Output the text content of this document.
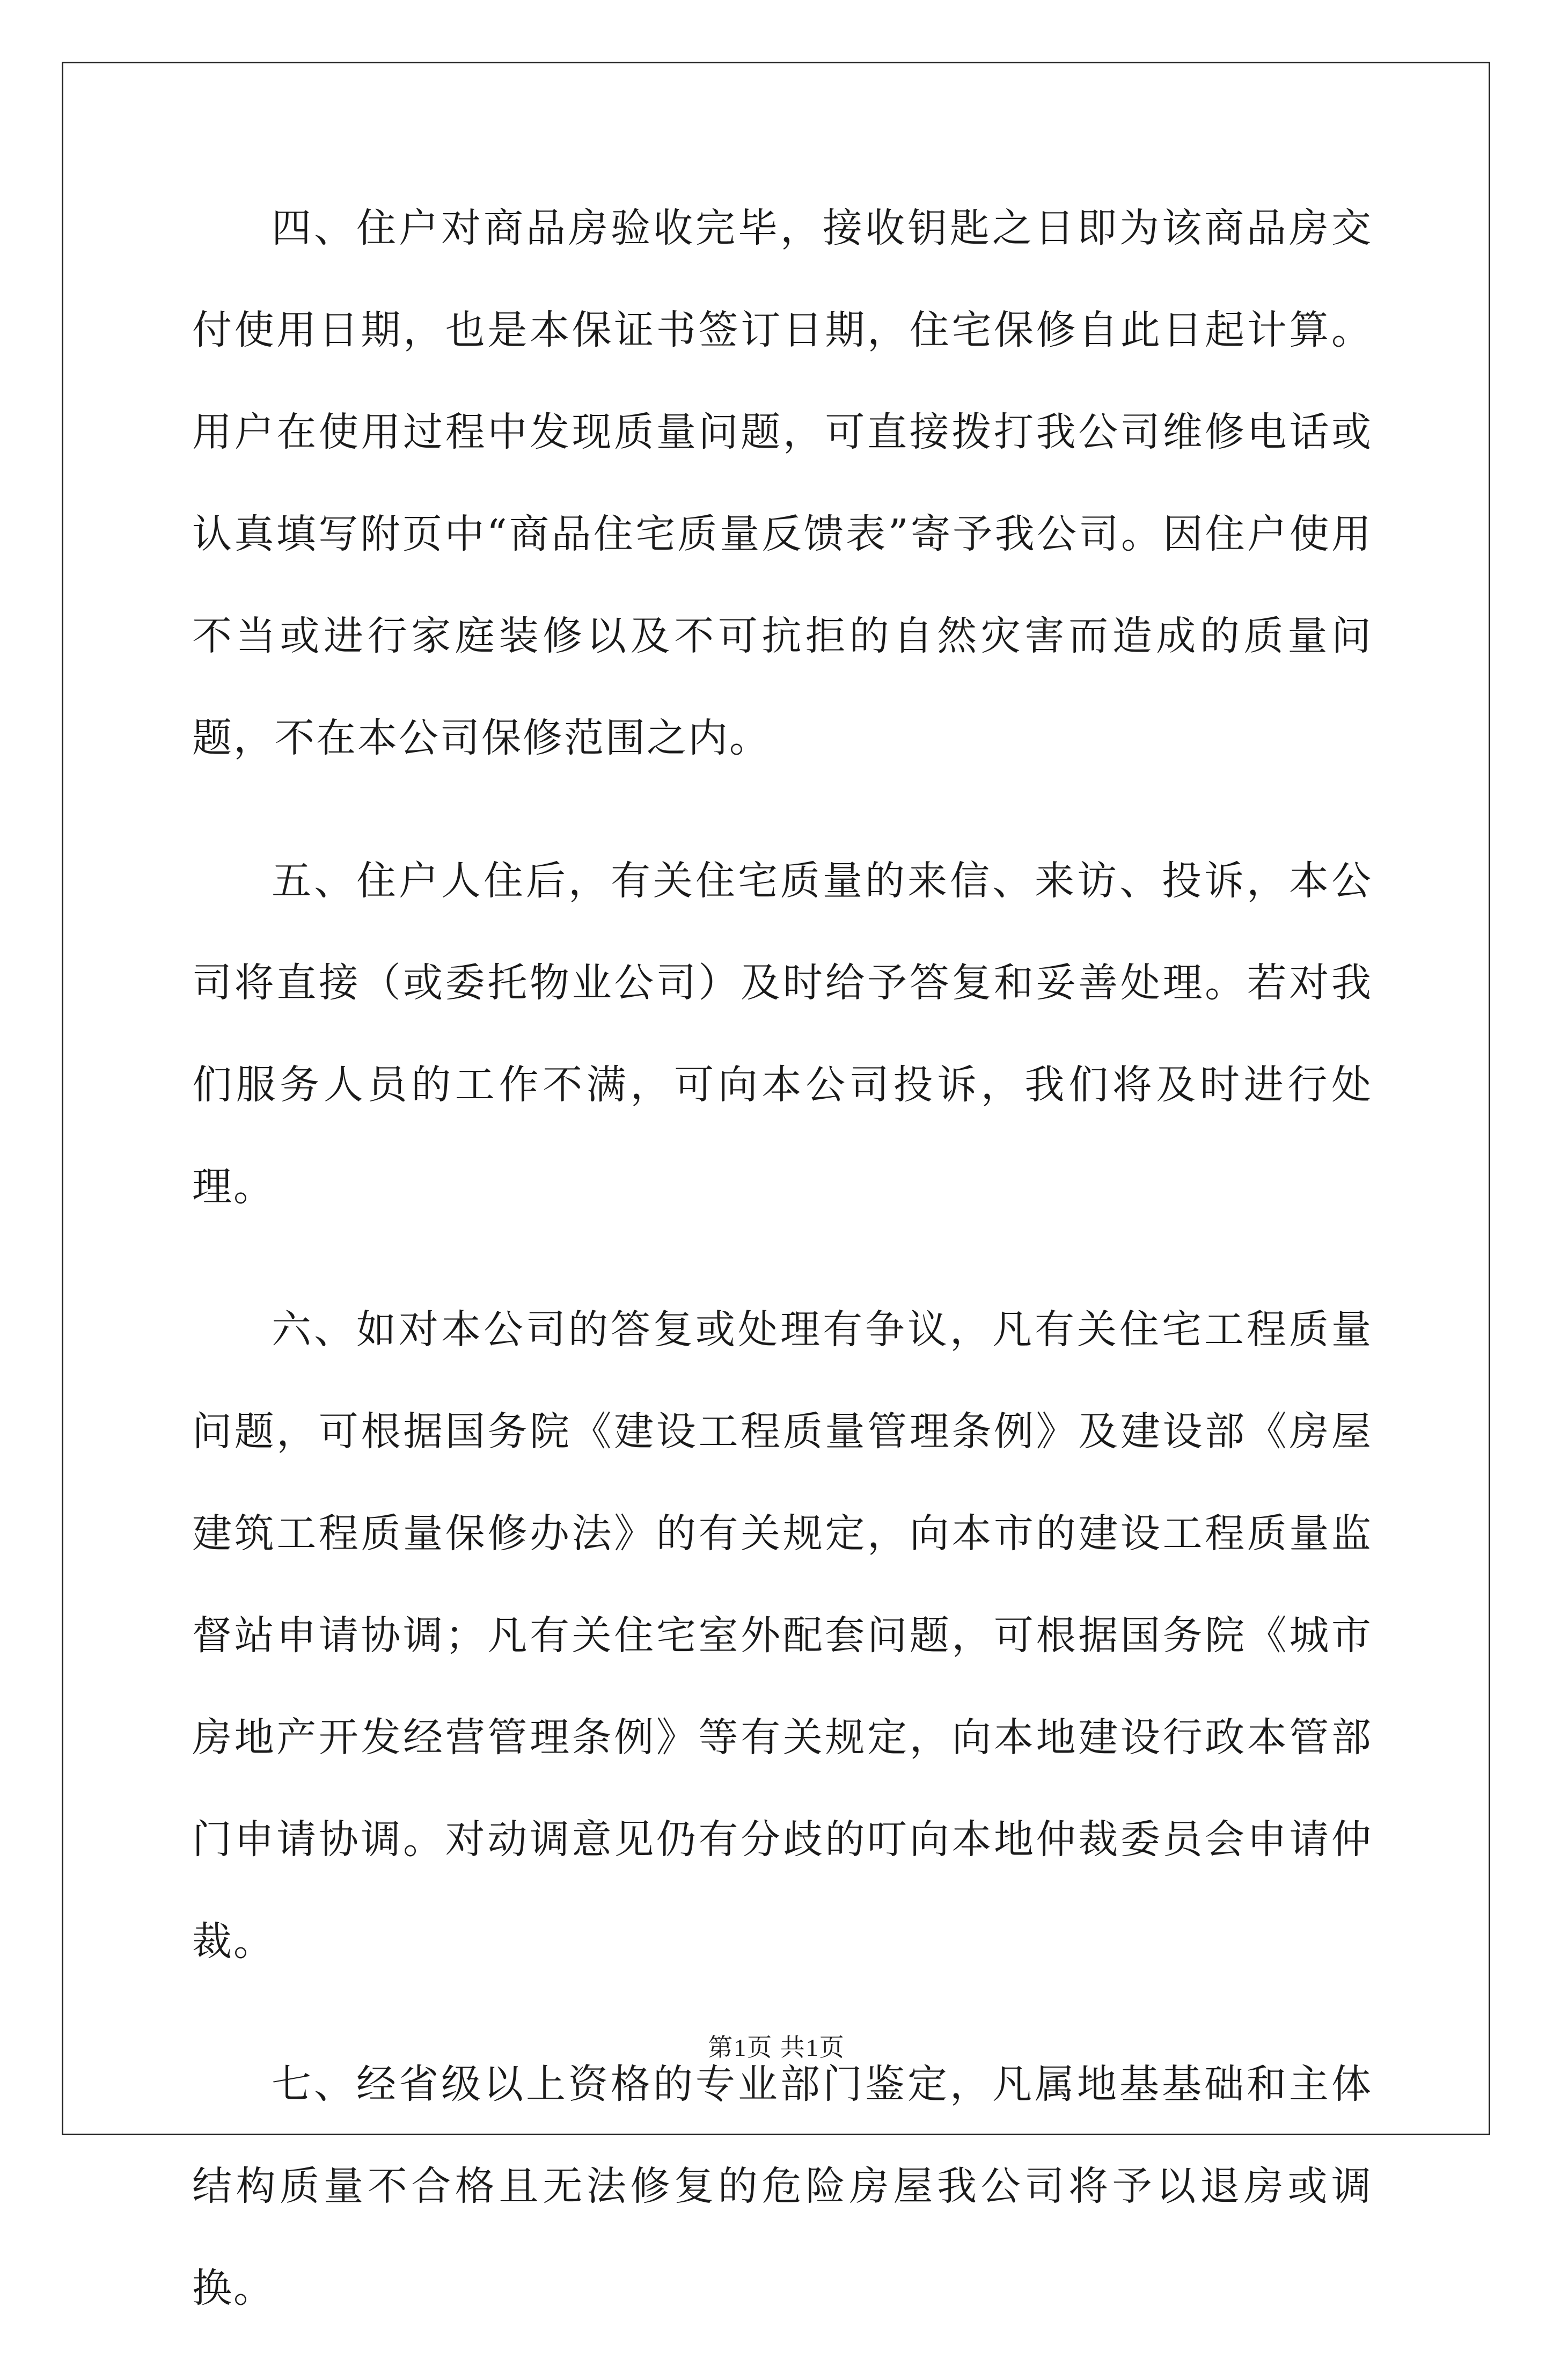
四、住户对商品房验收完毕，接收钥匙之日即为该商品房交付使用日期，也是本保证书签订日期，住宅保修自此日起计算。用户在使用过程中发现质量问题，可直接拨打我公司维修电话或认真填写附页中“商品住宅质量反馈表”寄予我公司。因住户使用不当或进行家庭装修以及不可抗拒的自然灾害而造成的质量问题，不在本公司保修范围之内。

五、住户人住后，有关住宅质量的来信、来访、投诉，本公司将直接（或委托物业公司）及时给予答复和妥善处理。若对我们服务人员的工作不满，可向本公司投诉，我们将及时进行处理。

六、如对本公司的答复或处理有争议，凡有关住宅工程质量问题，可根据国务院《建设工程质量管理条例》及建设部《房屋建筑工程质量保修办法》的有关规定，向本市的建设工程质量监督站申请协调；凡有关住宅室外配套问题，可根据国务院《城市房地产开发经营管理条例》等有关规定，向本地建设行政本管部门申请协调。对动调意见仍有分歧的叮向本地仲裁委员会申请仲裁。

七、经省级以上资格的专业部门鉴定，凡属地基基础和主体结构质量不合格且无法修复的危险房屋我公司将予以退房或调换。

第1页 共1页
